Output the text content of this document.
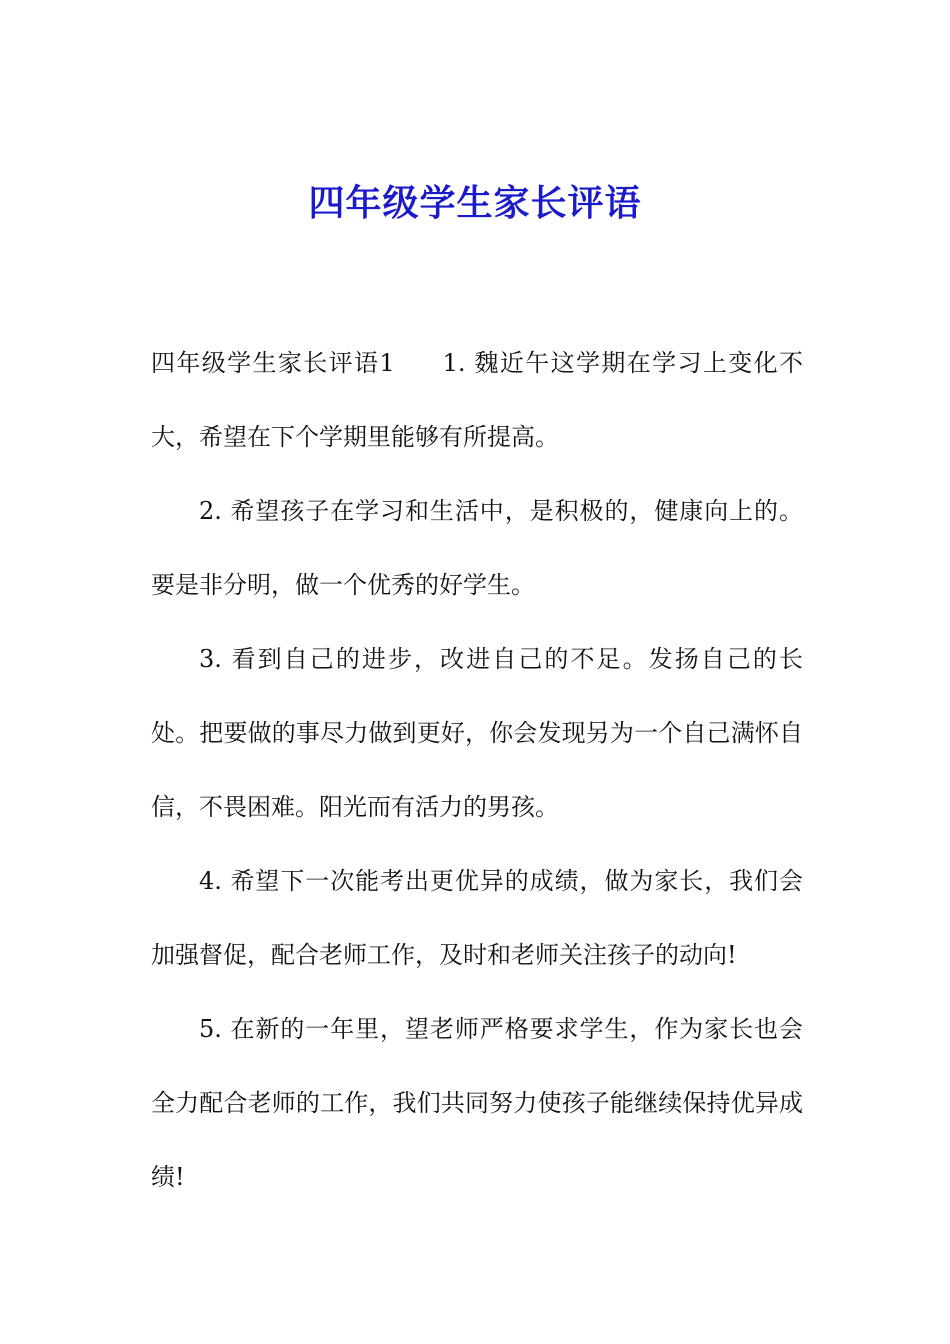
四年级学生家长评语

四年级学生家长评语1 1. 魏近午这学期在学习上变化不大，希望在下个学期里能够有所提高。

2. 希望孩子在学习和生活中，是积极的，健康向上的。要是非分明，做一个优秀的好学生。

3. 看到自己的进步，改进自己的不足。发扬自己的长处。把要做的事尽力做到更好，你会发现另为一个自己满怀自信，不畏困难。阳光而有活力的男孩。

4. 希望下一次能考出更优异的成绩，做为家长，我们会加强督促，配合老师工作，及时和老师关注孩子的动向!

5. 在新的一年里，望老师严格要求学生，作为家长也会全力配合老师的工作，我们共同努力使孩子能继续保持优异成绩!
